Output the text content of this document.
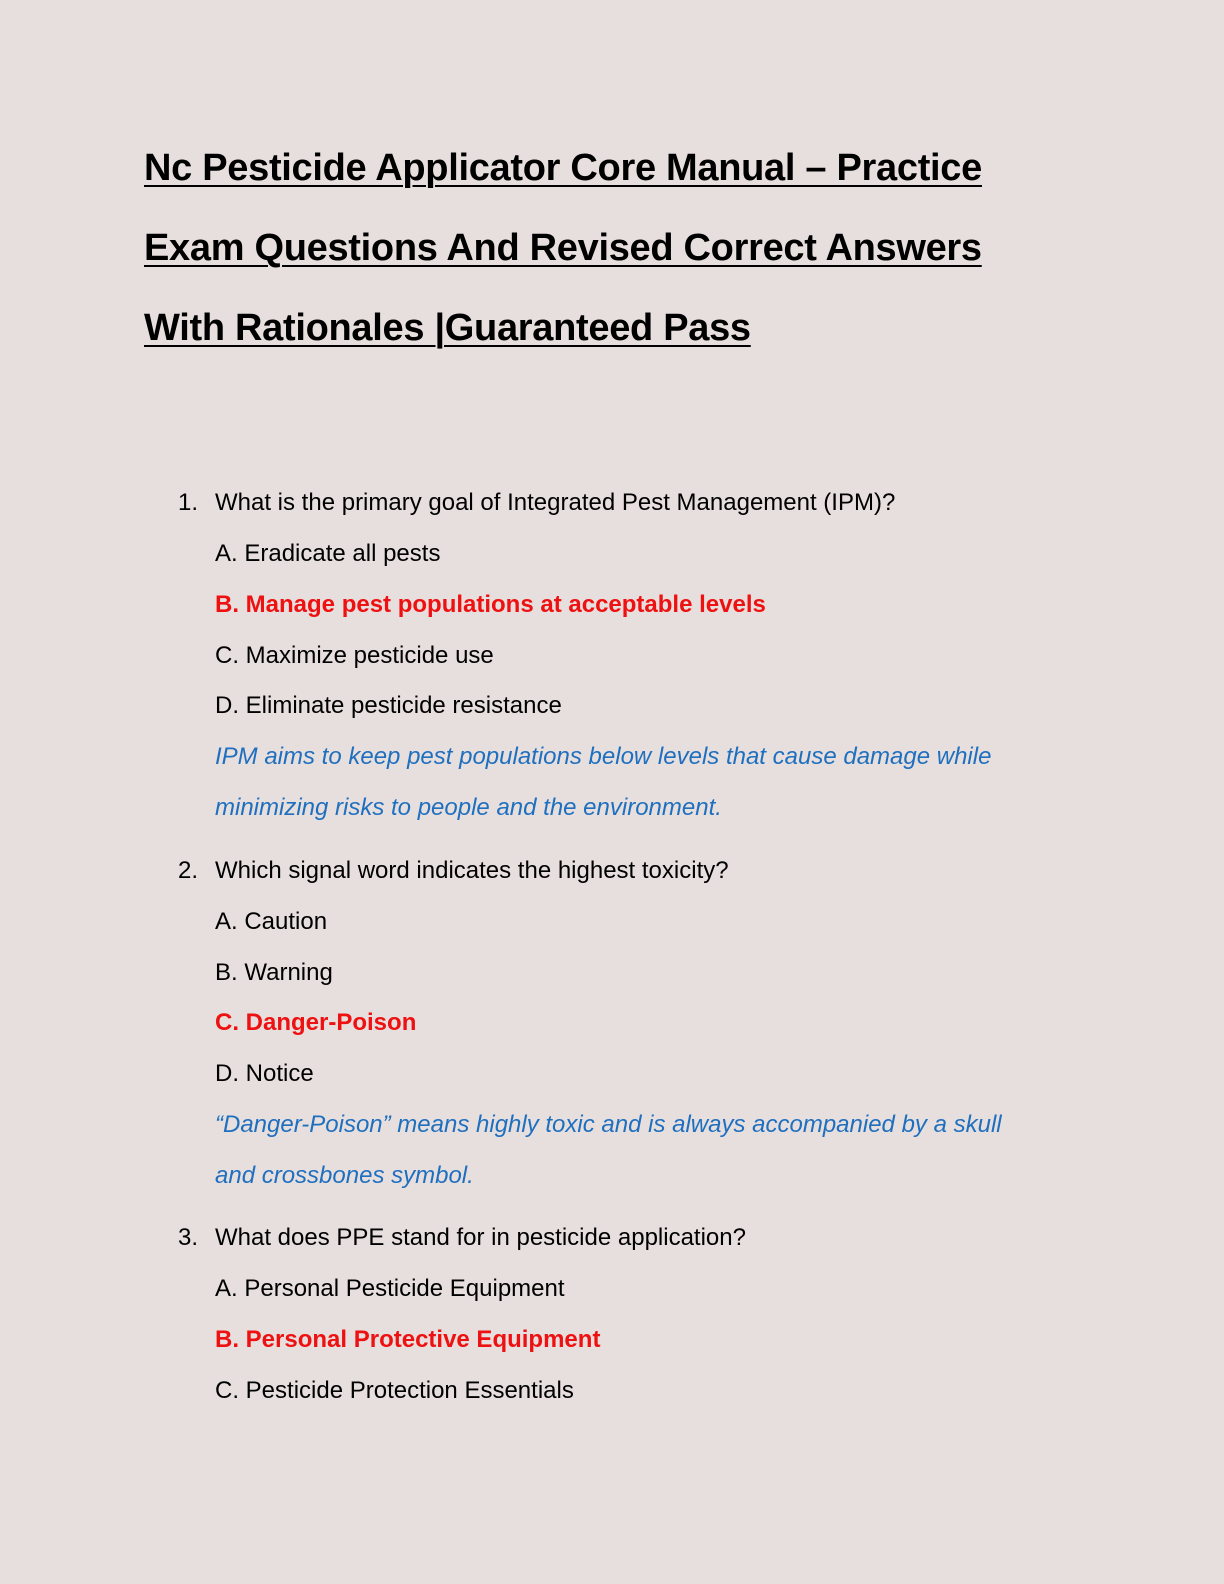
Nc Pesticide Applicator Core Manual – Practice
Exam Questions And Revised Correct Answers
With Rationales |Guaranteed Pass
1. What is the primary goal of Integrated Pest Management (IPM)?
A. Eradicate all pests
B. Manage pest populations at acceptable levels
C. Maximize pesticide use
D. Eliminate pesticide resistance
IPM aims to keep pest populations below levels that cause damage while
minimizing risks to people and the environment.
2. Which signal word indicates the highest toxicity?
A. Caution
B. Warning
C. Danger-Poison
D. Notice
“Danger-Poison” means highly toxic and is always accompanied by a skull
and crossbones symbol.
3. What does PPE stand for in pesticide application?
A. Personal Pesticide Equipment
B. Personal Protective Equipment
C. Pesticide Protection Essentials
